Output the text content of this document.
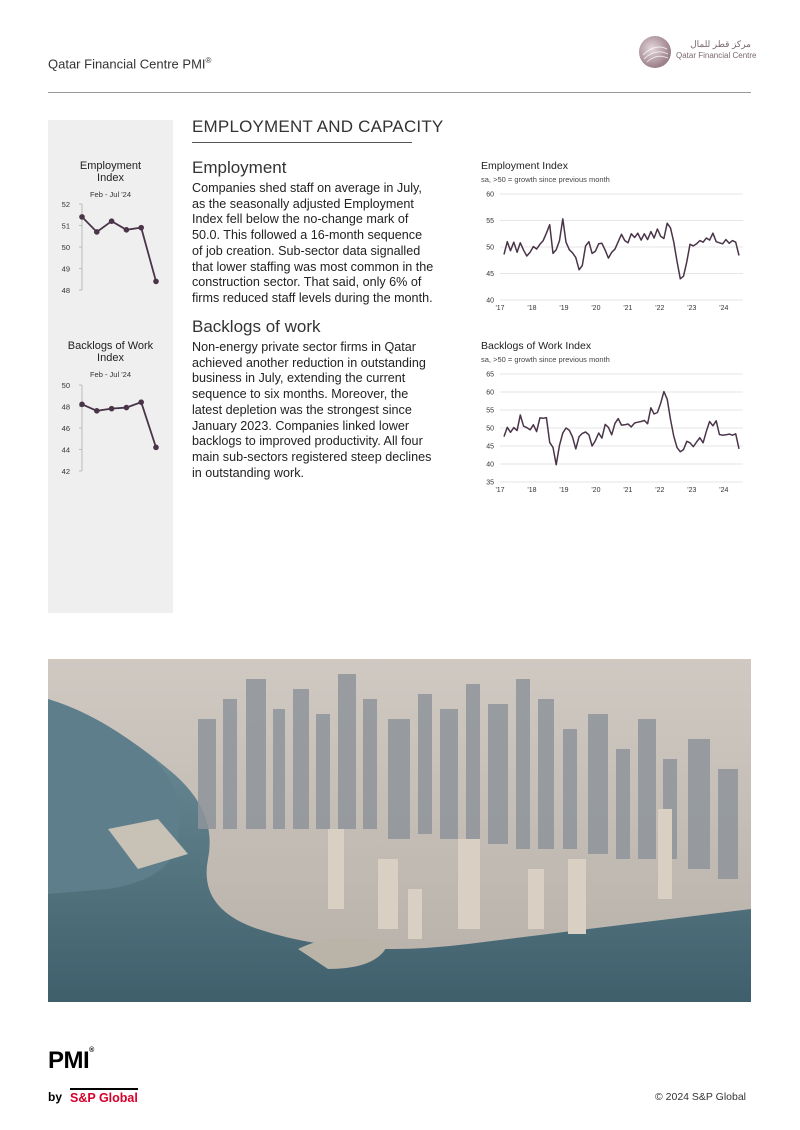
Qatar Financial Centre PMI®
مركز قطر للمال
Qatar Financial Centre
Employment
Index
Feb - Jul '24
48
49
50
51
52
Backlogs of Work
Index
Feb - Jul '24
42
44
46
48
50
EMPLOYMENT AND CAPACITY
Employment
Companies shed staff on average in July,
as the seasonally adjusted Employment
Index fell below the no-change mark of
50.0. This followed a 16-month sequence
of job creation. Sub-sector data signalled
that lower staffing was most common in the
construction sector. That said, only 6% of
firms reduced staff levels during the month.
Backlogs of work
Non-energy private sector firms in Qatar
achieved another reduction in outstanding
business in July, extending the current
sequence to six months. Moreover, the
latest depletion was the strongest since
January 2023. Companies linked lower
backlogs to improved productivity. All four
main sub-sectors registered steep declines
in outstanding work.
Employment Index
sa, >50 = growth since previous month
40
45
50
55
60
'17	'18	'19	'20	'21	'22	'23	'24
Backlogs of Work Index
sa, >50 = growth since previous month
35
40
45
50
55
60
65
'17	'18	'19	'20	'21	'22	'23	'24
PMI®
by S&P Global	© 2024 S&P Global
